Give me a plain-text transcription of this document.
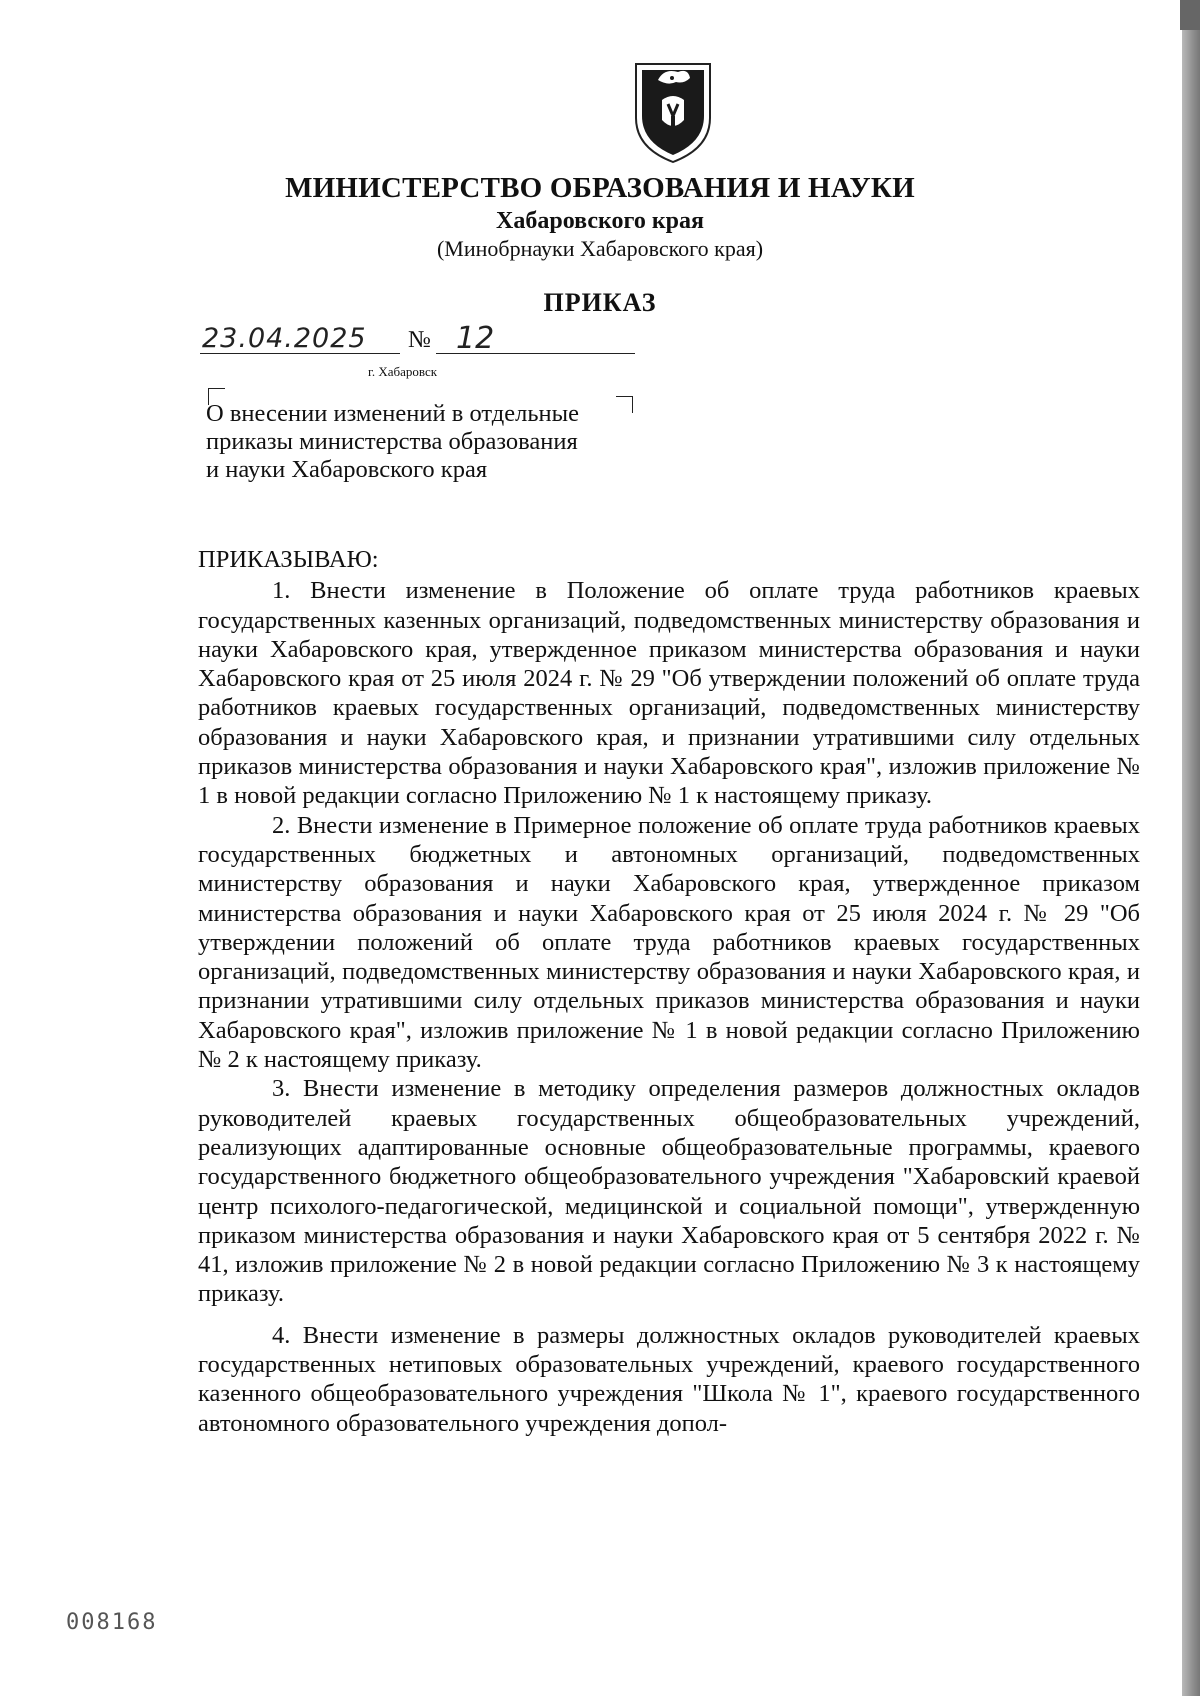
МИНИСТЕРСТВО ОБРАЗОВАНИЯ И НАУКИ
Хабаровского края
(Минобрнауки Хабаровского края)
ПРИКАЗ
23.04.2025 № 12
г. Хабаровск
О внесении изменений в отдельные
приказы министерства образования
и науки Хабаровского края
ПРИКАЗЫВАЮ:

1. Внести изменение в Положение об оплате труда работников краевых государственных казенных организаций, подведомственных министерству образования и науки Хабаровского края, утвержденное приказом министерства образования и науки Хабаровского края от 25 июля 2024 г. № 29 "Об утверждении положений об оплате труда работников краевых государственных организаций, подведомственных министерству образования и науки Хабаровского края, и признании утратившими силу отдельных приказов министерства образования и науки Хабаровского края", изложив приложение № 1 в новой редакции согласно Приложению № 1 к настоящему приказу.

2. Внести изменение в Примерное положение об оплате труда работников краевых государственных бюджетных и автономных организаций, подведомственных министерству образования и науки Хабаровского края, утвержденное приказом министерства образования и науки Хабаровского края от 25 июля 2024 г. № 29 "Об утверждении положений об оплате труда работников краевых государственных организаций, подведомственных министерству образования и науки Хабаровского края, и признании утратившими силу отдельных приказов министерства образования и науки Хабаровского края", изложив приложение № 1 в новой редакции согласно Приложению № 2 к настоящему приказу.

3. Внести изменение в методику определения размеров должностных окладов руководителей краевых государственных общеобразовательных учреждений, реализующих адаптированные основные общеобразовательные программы, краевого государственного бюджетного общеобразовательного учреждения "Хабаровский краевой центр психолого-педагогической, медицинской и социальной помощи", утвержденную приказом министерства образования и науки Хабаровского края от 5 сентября 2022 г. № 41, изложив приложение № 2 в новой редакции согласно Приложению № 3 к настоящему приказу.

4. Внести изменение в размеры должностных окладов руководителей краевых государственных нетиповых образовательных учреждений, краевого государственного казенного общеобразовательного учреждения "Школа № 1", краевого государственного автономного образовательного учреждения допол-

008168
